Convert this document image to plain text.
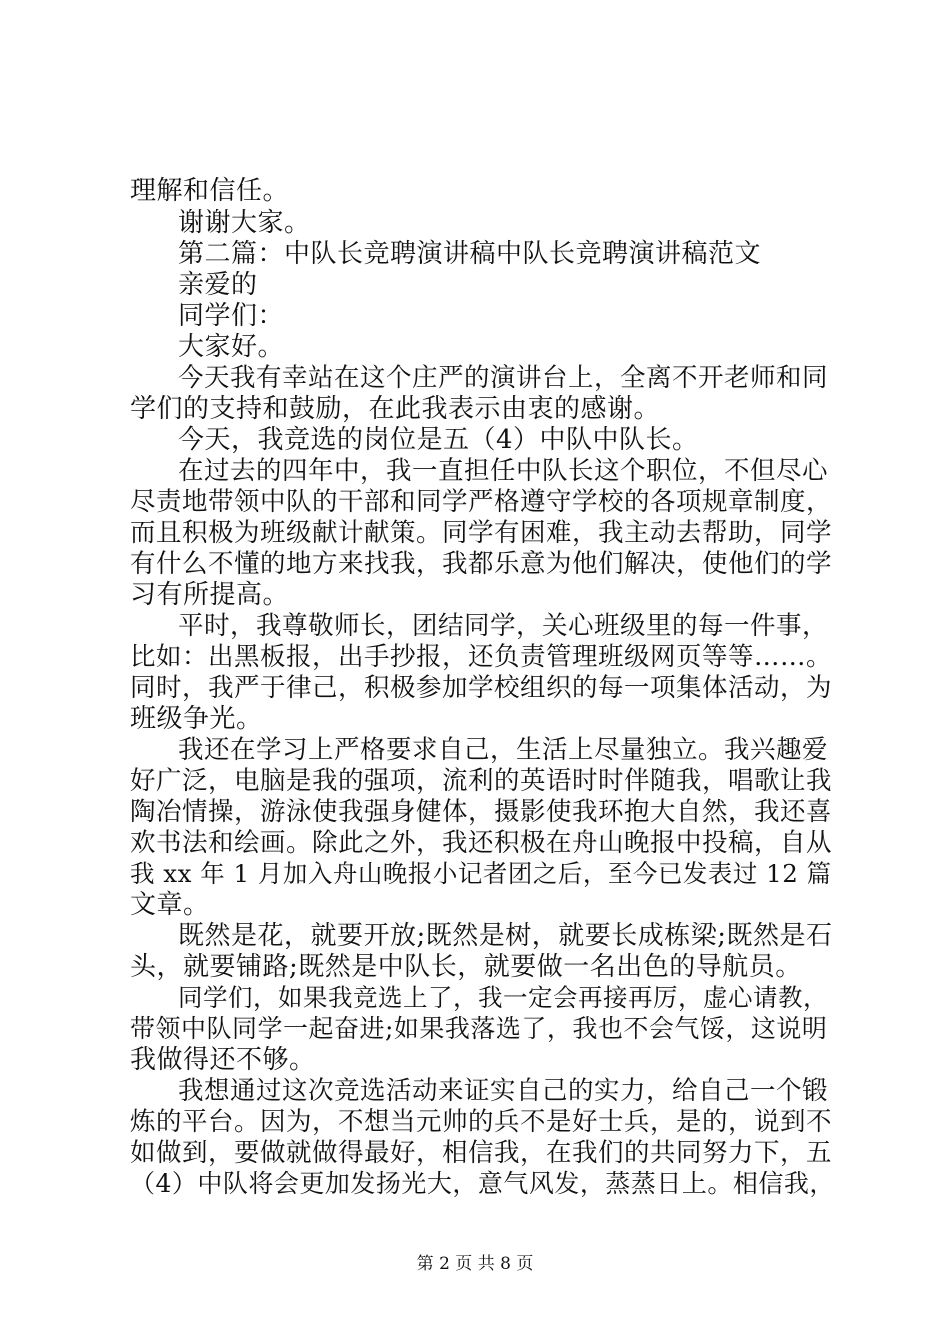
理解和信任。
谢谢大家。
第二篇：中队长竞聘演讲稿中队长竞聘演讲稿范文
亲爱的
同学们：
大家好。
今天我有幸站在这个庄严的演讲台上，全离不开老师和同
学们的支持和鼓励，在此我表示由衷的感谢。
今天，我竞选的岗位是五（4）中队中队长。
在过去的四年中，我一直担任中队长这个职位，不但尽心
尽责地带领中队的干部和同学严格遵守学校的各项规章制度，
而且积极为班级献计献策。同学有困难，我主动去帮助，同学
有什么不懂的地方来找我，我都乐意为他们解决，使他们的学
习有所提高。
平时，我尊敬师长，团结同学，关心班级里的每一件事，
比如：出黑板报，出手抄报，还负责管理班级网页等等……。
同时，我严于律己，积极参加学校组织的每一项集体活动，为
班级争光。
我还在学习上严格要求自己，生活上尽量独立。我兴趣爱
好广泛，电脑是我的强项，流利的英语时时伴随我，唱歌让我
陶冶情操，游泳使我强身健体，摄影使我环抱大自然，我还喜
欢书法和绘画。除此之外，我还积极在舟山晚报中投稿，自从
我 xx 年 1 月加入舟山晚报小记者团之后，至今已发表过 12 篇
文章。
既然是花，就要开放;既然是树，就要长成栋梁;既然是石
头，就要铺路;既然是中队长，就要做一名出色的导航员。
同学们，如果我竞选上了，我一定会再接再厉，虚心请教，
带领中队同学一起奋进;如果我落选了，我也不会气馁，这说明
我做得还不够。
我想通过这次竞选活动来证实自己的实力，给自己一个锻
炼的平台。因为，不想当元帅的兵不是好士兵，是的，说到不
如做到，要做就做得最好，相信我，在我们的共同努力下，五
（4）中队将会更加发扬光大，意气风发，蒸蒸日上。相信我，
第 2 页 共 8 页
